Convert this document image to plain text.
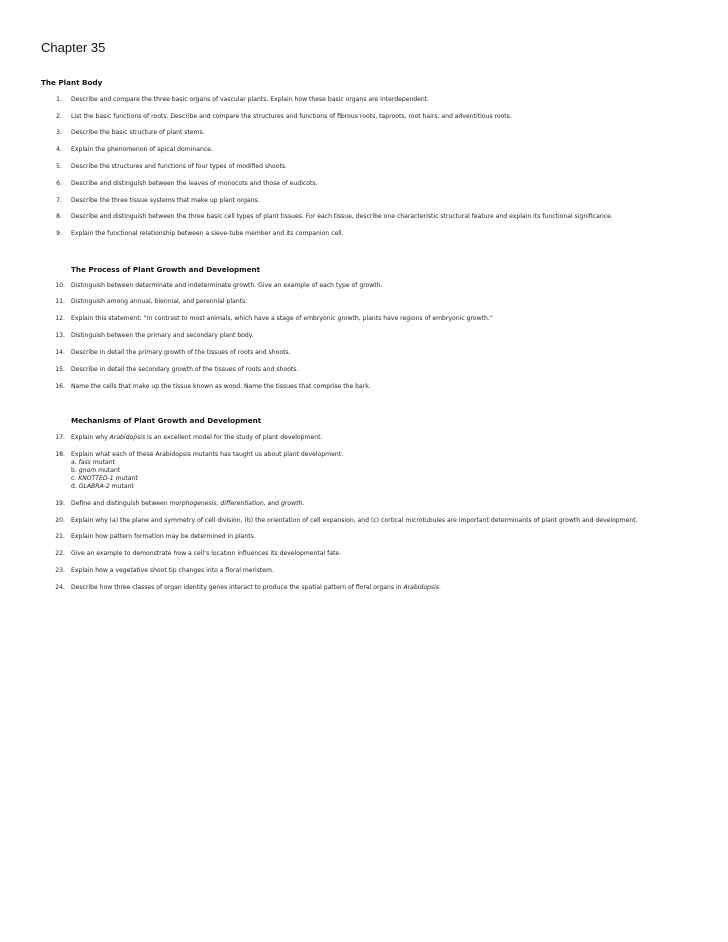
Chapter 35
The Plant Body
1. Describe and compare the three basic organs of vascular plants. Explain how these basic organs are interdependent.
2. List the basic functions of roots. Describe and compare the structures and functions of fibrous roots, taproots, root hairs, and adventitious roots.
3. Describe the basic structure of plant stems.
4. Explain the phenomenon of apical dominance.
5. Describe the structures and functions of four types of modified shoots.
6. Describe and distinguish between the leaves of monocots and those of eudicots.
7. Describe the three tissue systems that make up plant organs.
8. Describe and distinguish between the three basic cell types of plant tissues. For each tissue, describe one characteristic structural feature and explain its functional significance.
9. Explain the functional relationship between a sieve-tube member and its companion cell.
The Process of Plant Growth and Development
10. Distinguish between determinate and indeterminate growth. Give an example of each type of growth.
11. Distinguish among annual, biennial, and perennial plants.
12. Explain this statement: “In contrast to most animals, which have a stage of embryonic growth, plants have regions of embryonic growth.”
13. Distinguish between the primary and secondary plant body.
14. Describe in detail the primary growth of the tissues of roots and shoots.
15. Describe in detail the secondary growth of the tissues of roots and shoots.
16. Name the cells that make up the tissue known as wood. Name the tissues that comprise the bark.
Mechanisms of Plant Growth and Development
17. Explain why Arabidopsis is an excellent model for the study of plant development.
18. Explain what each of these Arabidopsis mutants has taught us about plant development:
a. fass mutant
b. gnom mutant
c. KNOTTED-1 mutant
d. GLABRA-2 mutant
19. Define and distinguish between morphogenesis, differentiation, and growth.
20. Explain why (a) the plane and symmetry of cell division, (b) the orientation of cell expansion, and (c) cortical microtubules are important determinants of plant growth and development.
21. Explain how pattern formation may be determined in plants.
22. Give an example to demonstrate how a cell’s location influences its developmental fate.
23. Explain how a vegetative shoot tip changes into a floral meristem.
24. Describe how three classes of organ identity genes interact to produce the spatial pattern of floral organs in Arabidopsis.
